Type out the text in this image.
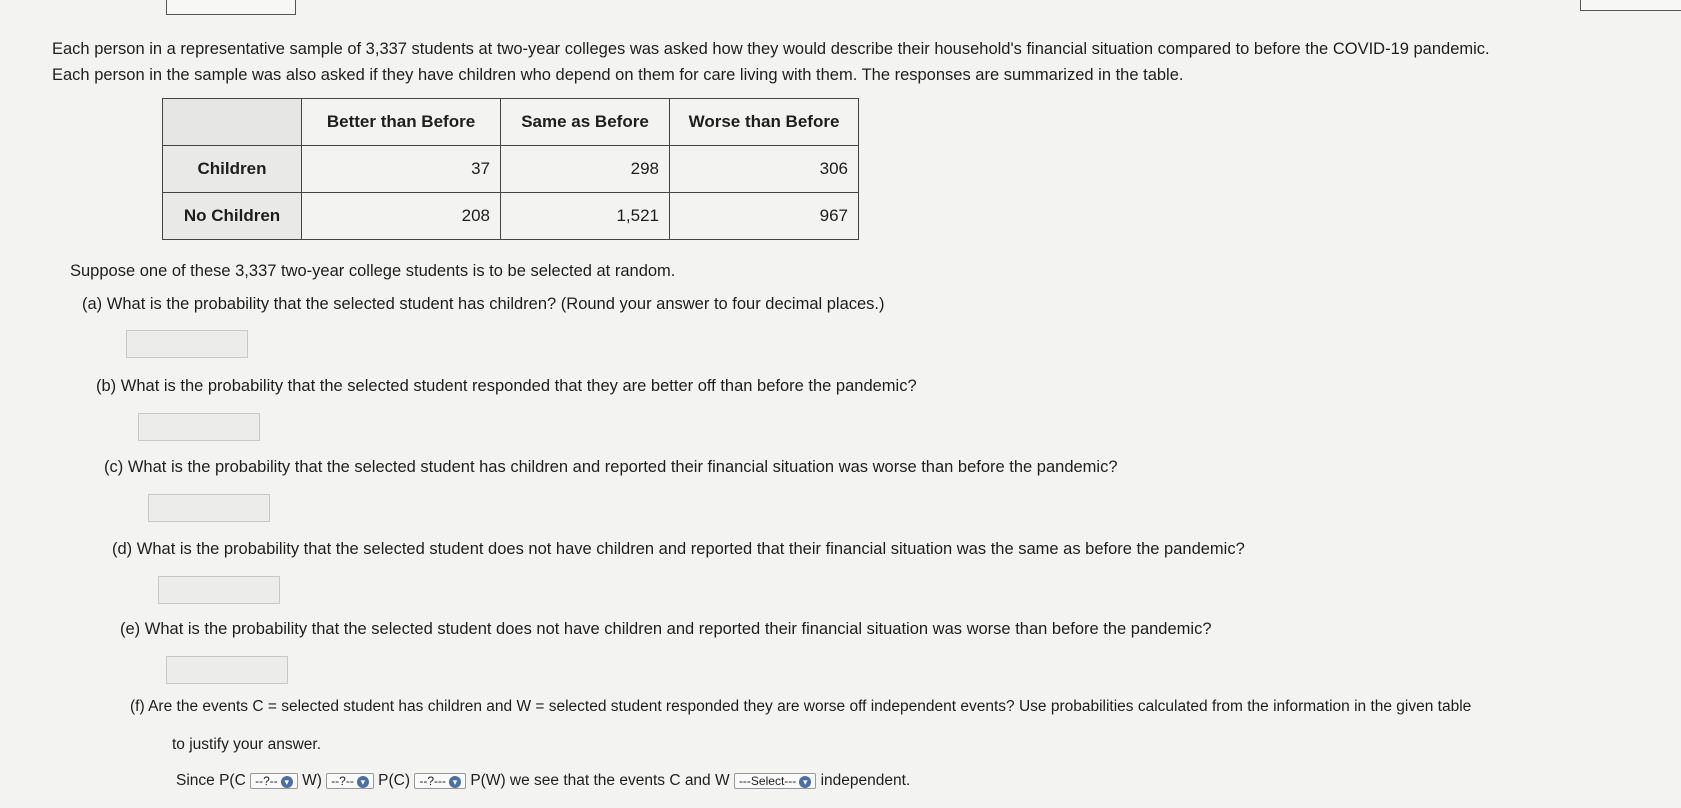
Each person in a representative sample of 3,337 students at two-year colleges was asked how they would describe their household's financial situation compared to before the COVID-19 pandemic.
Each person in the sample was also asked if they have children who depend on them for care living with them. The responses are summarized in the table.
	Better than Before	Same as Before	Worse than Before
Children	37	298	306
No Children	208	1,521	967
Suppose one of these 3,337 two-year college students is to be selected at random.
(a) What is the probability that the selected student has children? (Round your answer to four decimal places.)
(b) What is the probability that the selected student responded that they are better off than before the pandemic?
(c) What is the probability that the selected student has children and reported their financial situation was worse than before the pandemic?
(d) What is the probability that the selected student does not have children and reported that their financial situation was the same as before the pandemic?
(e) What is the probability that the selected student does not have children and reported their financial situation was worse than before the pandemic?
(f) Are the events C = selected student has children and W = selected student responded they are worse off independent events? Use probabilities calculated from the information in the given table
to justify your answer.
Since P(C --?-- ▾ W) --?-- ▾ P(C) --?--- ▾ P(W) we see that the events C and W ---Select--- ▾ independent.
